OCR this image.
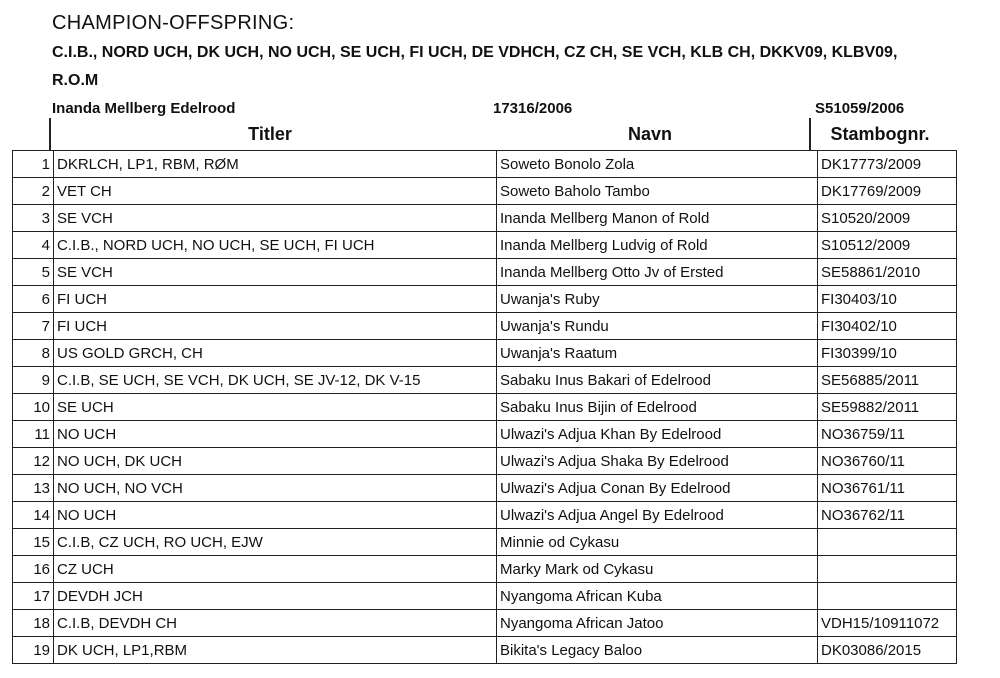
CHAMPION-OFFSPRING:
C.I.B., NORD UCH, DK UCH, NO UCH, SE UCH, FI UCH, DE VDHCH, CZ CH, SE VCH, KLB CH, DKKV09, KLBV09,
R.O.M
Inanda Mellberg Edelrood	17316/2006	S51059/2006
Titler	Navn	Stambognr.
1	DKRLCH, LP1, RBM, RØM	Soweto Bonolo Zola	DK17773/2009
2	VET CH	Soweto Baholo Tambo	DK17769/2009
3	SE VCH	Inanda Mellberg Manon of Rold	S10520/2009
4	C.I.B., NORD UCH, NO UCH, SE UCH, FI UCH	Inanda Mellberg Ludvig of Rold	S10512/2009
5	SE VCH	Inanda Mellberg Otto Jv of Ersted	SE58861/2010
6	FI UCH	Uwanja's Ruby	FI30403/10
7	FI UCH	Uwanja's Rundu	FI30402/10
8	US GOLD GRCH, CH	Uwanja's Raatum	FI30399/10
9	C.I.B, SE UCH, SE VCH, DK UCH, SE JV-12, DK V-15	Sabaku Inus Bakari of Edelrood	SE56885/2011
10	SE UCH	Sabaku Inus Bijin of Edelrood	SE59882/2011
11	NO UCH	Ulwazi's Adjua Khan By Edelrood	NO36759/11
12	NO UCH, DK UCH	Ulwazi's Adjua Shaka By Edelrood	NO36760/11
13	NO UCH, NO VCH	Ulwazi's Adjua Conan By Edelrood	NO36761/11
14	NO UCH	Ulwazi's Adjua Angel By Edelrood	NO36762/11
15	C.I.B, CZ UCH, RO UCH, EJW	Minnie od Cykasu	
16	CZ UCH	Marky Mark od Cykasu	
17	DEVDH JCH	Nyangoma African Kuba	
18	C.I.B, DEVDH CH	Nyangoma African Jatoo	VDH15/10911072
19	DK UCH, LP1,RBM	Bikita's Legacy Baloo	DK03086/2015
